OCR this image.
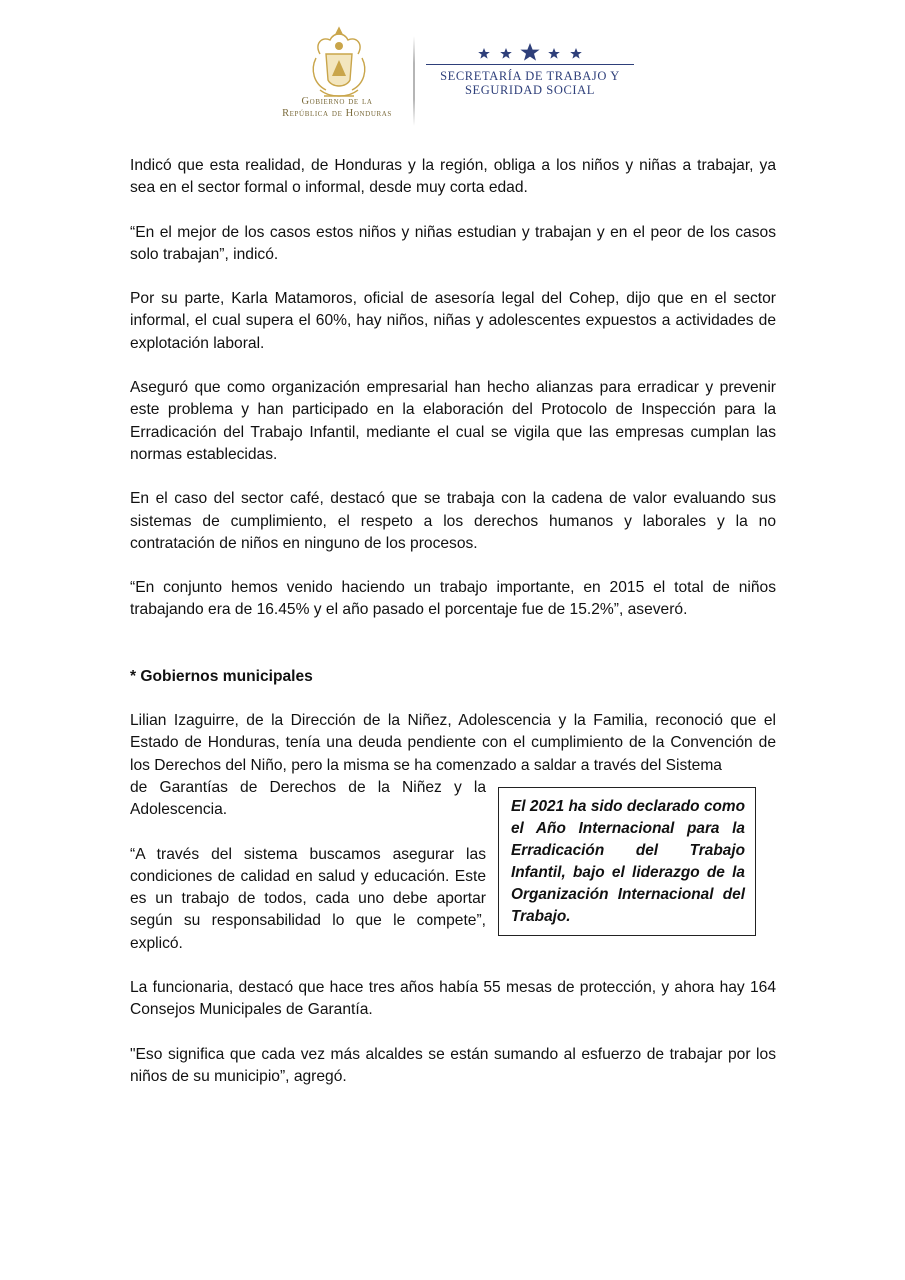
Gobierno de la
República de Honduras
SECRETARÍA DE TRABAJO Y
SEGURIDAD SOCIAL

Indicó que esta realidad, de Honduras y la región, obliga a los niños y niñas a trabajar, ya sea en el sector formal o informal, desde muy corta edad.

“En el mejor de los casos estos niños y niñas estudian y trabajan y en el peor de los casos solo trabajan”, indicó.

Por su parte, Karla Matamoros, oficial de asesoría legal del Cohep, dijo que en el sector informal, el cual supera el 60%, hay niños, niñas y adolescentes expuestos a actividades de explotación laboral.

Aseguró que como organización empresarial han hecho alianzas para erradicar y prevenir este problema y han participado en la elaboración del Protocolo de Inspección para la Erradicación del Trabajo Infantil, mediante el cual se vigila que las empresas cumplan las normas establecidas.

En el caso del sector café, destacó que se trabaja con la cadena de valor evaluando sus sistemas de cumplimiento, el respeto a los derechos humanos y laborales y la no contratación de niños en ninguno de los procesos.

“En conjunto hemos venido haciendo un trabajo importante, en 2015 el total de niños trabajando era de 16.45% y el año pasado el porcentaje fue de 15.2%”, aseveró.

* Gobiernos municipales

Lilian Izaguirre, de la Dirección de la Niñez, Adolescencia y la Familia, reconoció que el Estado de Honduras, tenía una deuda pendiente con el cumplimiento de la Convención de los Derechos del Niño, pero la misma se ha comenzado a saldar a través del Sistema

El 2021 ha sido declarado como el Año Internacional para la Erradicación del Trabajo Infantil, bajo el liderazgo de la Organización Internacional del Trabajo.

de Garantías de Derechos de la Niñez y la Adolescencia.

“A través del sistema buscamos asegurar las condiciones de calidad en salud y educación. Este es un trabajo de todos, cada uno debe aportar según su responsabilidad lo que le compete”, explicó.

La funcionaria, destacó que hace tres años había 55 mesas de protección, y ahora hay 164 Consejos Municipales de Garantía.

"Eso significa que cada vez más alcaldes se están sumando al esfuerzo de trabajar por los niños de su municipio”, agregó.
